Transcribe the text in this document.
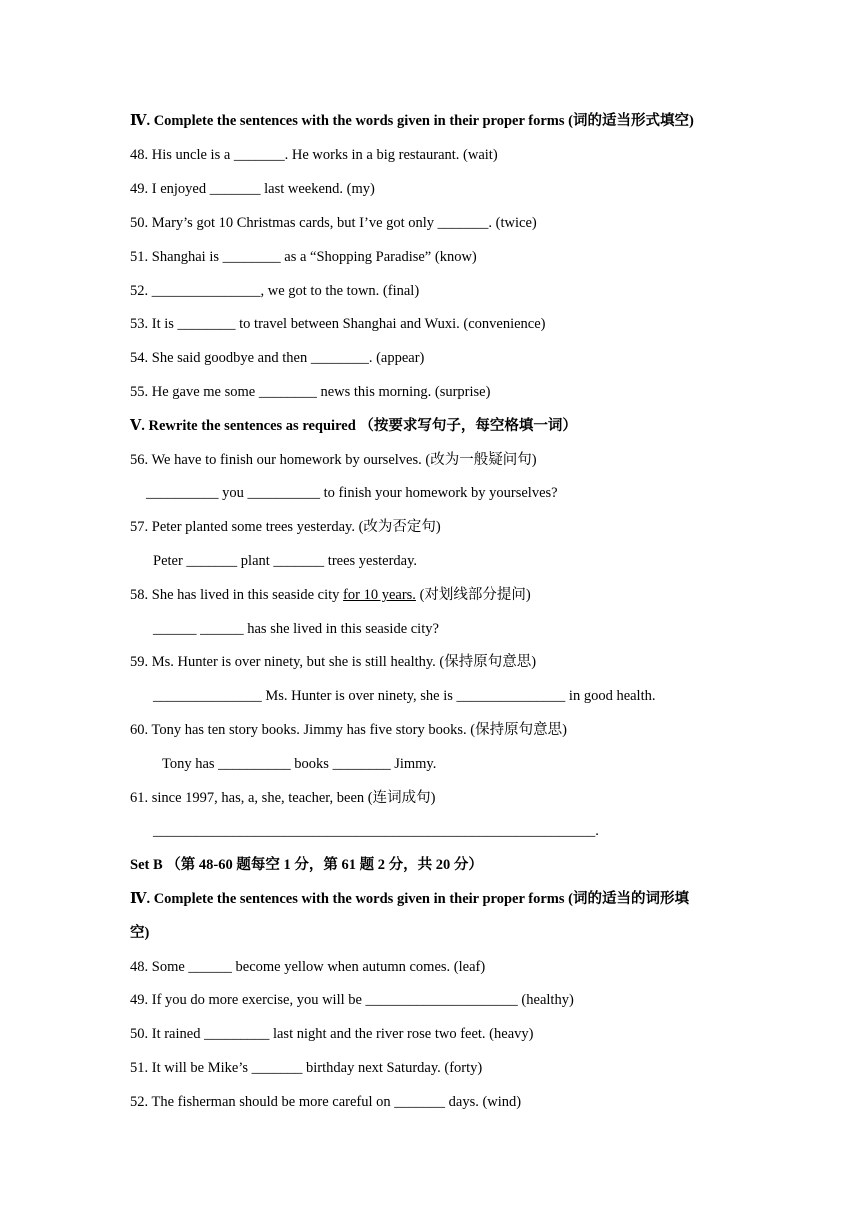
Ⅳ. Complete the sentences with the words given in their proper forms (词的适当形式填空)
48. His uncle is a _______. He works in a big restaurant. (wait)
49. I enjoyed _______ last weekend. (my)
50. Mary’s got 10 Christmas cards, but I’ve got only _______. (twice)
51. Shanghai is ________ as a “Shopping Paradise” (know)
52. _______________, we got to the town. (final)
53. It is ________ to travel between Shanghai and Wuxi. (convenience)
54. She said goodbye and then ________. (appear)
55. He gave me some ________ news this morning. (surprise)
Ⅴ. Rewrite the sentences as required （按要求写句子，每空格填一词）
56. We have to finish our homework by ourselves. (改为一般疑问句)
__________ you __________ to finish your homework by yourselves?
57. Peter planted some trees yesterday. (改为否定句)
Peter _______ plant _______ trees yesterday.
58. She has lived in this seaside city for 10 years. (对划线部分提问)
______ ______ has she lived in this seaside city?
59. Ms. Hunter is over ninety, but she is still healthy. (保持原句意思)
_______________ Ms. Hunter is over ninety, she is _______________ in good health.
60. Tony has ten story books. Jimmy has five story books. (保持原句意思)
Tony has __________ books ________ Jimmy.
61. since 1997, has, a, she, teacher, been (连词成句)
_____________________________________________________________.
Set B （第 48-60 题每空 1 分，第 61 题 2 分，共 20 分）
Ⅳ. Complete the sentences with the words given in their proper forms (词的适当的词形填
空)
48. Some ______ become yellow when autumn comes. (leaf)
49. If you do more exercise, you will be _____________________ (healthy)
50. It rained _________ last night and the river rose two feet. (heavy)
51. It will be Mike’s _______ birthday next Saturday. (forty)
52. The fisherman should be more careful on _______ days. (wind)
